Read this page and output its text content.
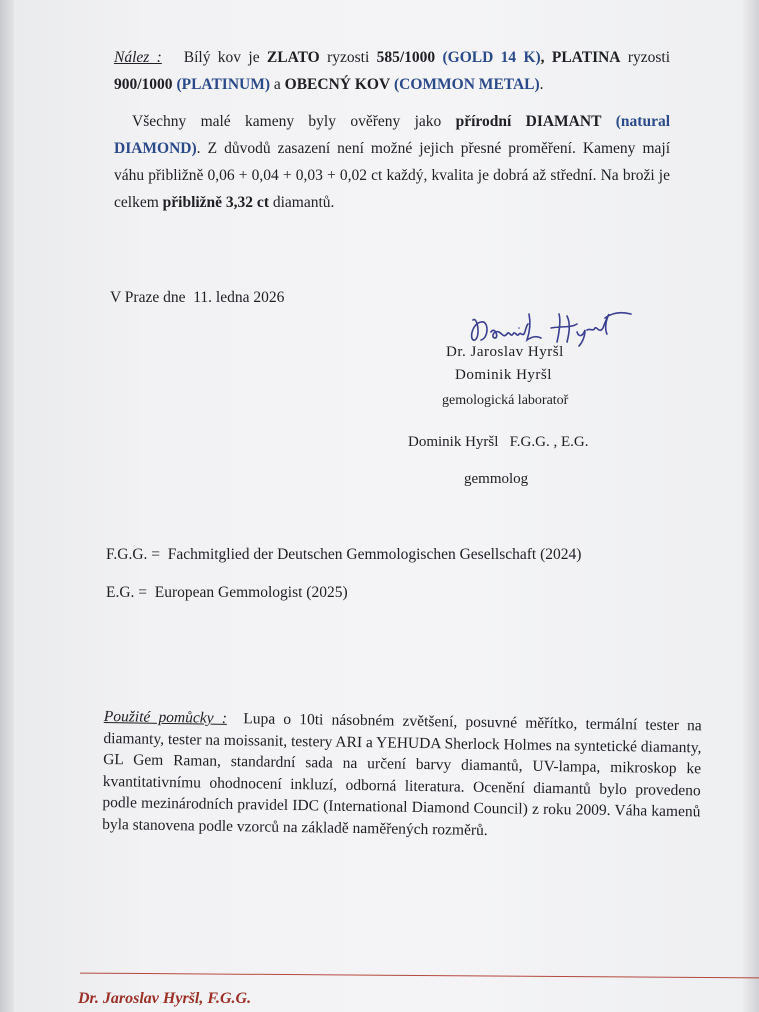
Nález : Bílý kov je ZLATO ryzosti 585/1000 (GOLD 14 K), PLATINA ryzosti 900/1000 (PLATINUM) a OBECNÝ KOV (COMMON METAL).

Všechny malé kameny byly ověřeny jako přírodní DIAMANT (natural DIAMOND). Z důvodů zasazení není možné jejich přesné proměření. Kameny mají váhu přibližně 0,06 + 0,04 + 0,03 + 0,02 ct každý, kvalita je dobrá až střední. Na broži je celkem přibližně 3,32 ct diamantů.

V Praze dne  11. ledna 2026
Dr. Jaroslav Hyršl
Dominik Hyršl
gemologická laboratoř
Dominik Hyršl   F.G.G. , E.G.
gemmolog
F.G.G. =  Fachmitglied der Deutschen Gemmologischen Gesellschaft (2024)
E.G. =  European Gemmologist (2025)

Použité pomůcky :  Lupa o 10ti násobném zvětšení, posuvné měřítko, termální tester na diamanty, tester na moissanit, testery ARI a YEHUDA Sherlock Holmes na syntetické diamanty, GL Gem Raman, standardní sada na určení barvy diamantů, UV-lampa, mikroskop ke kvantitativnímu ohodnocení inkluzí, odborná literatura. Ocenění diamantů bylo provedeno podle mezinárodních pravidel IDC (International Diamond Council) z roku 2009. Váha kamenů byla stanovena podle vzorců na základě naměřených rozměrů.

Dr. Jaroslav Hyršl, F.G.G.
